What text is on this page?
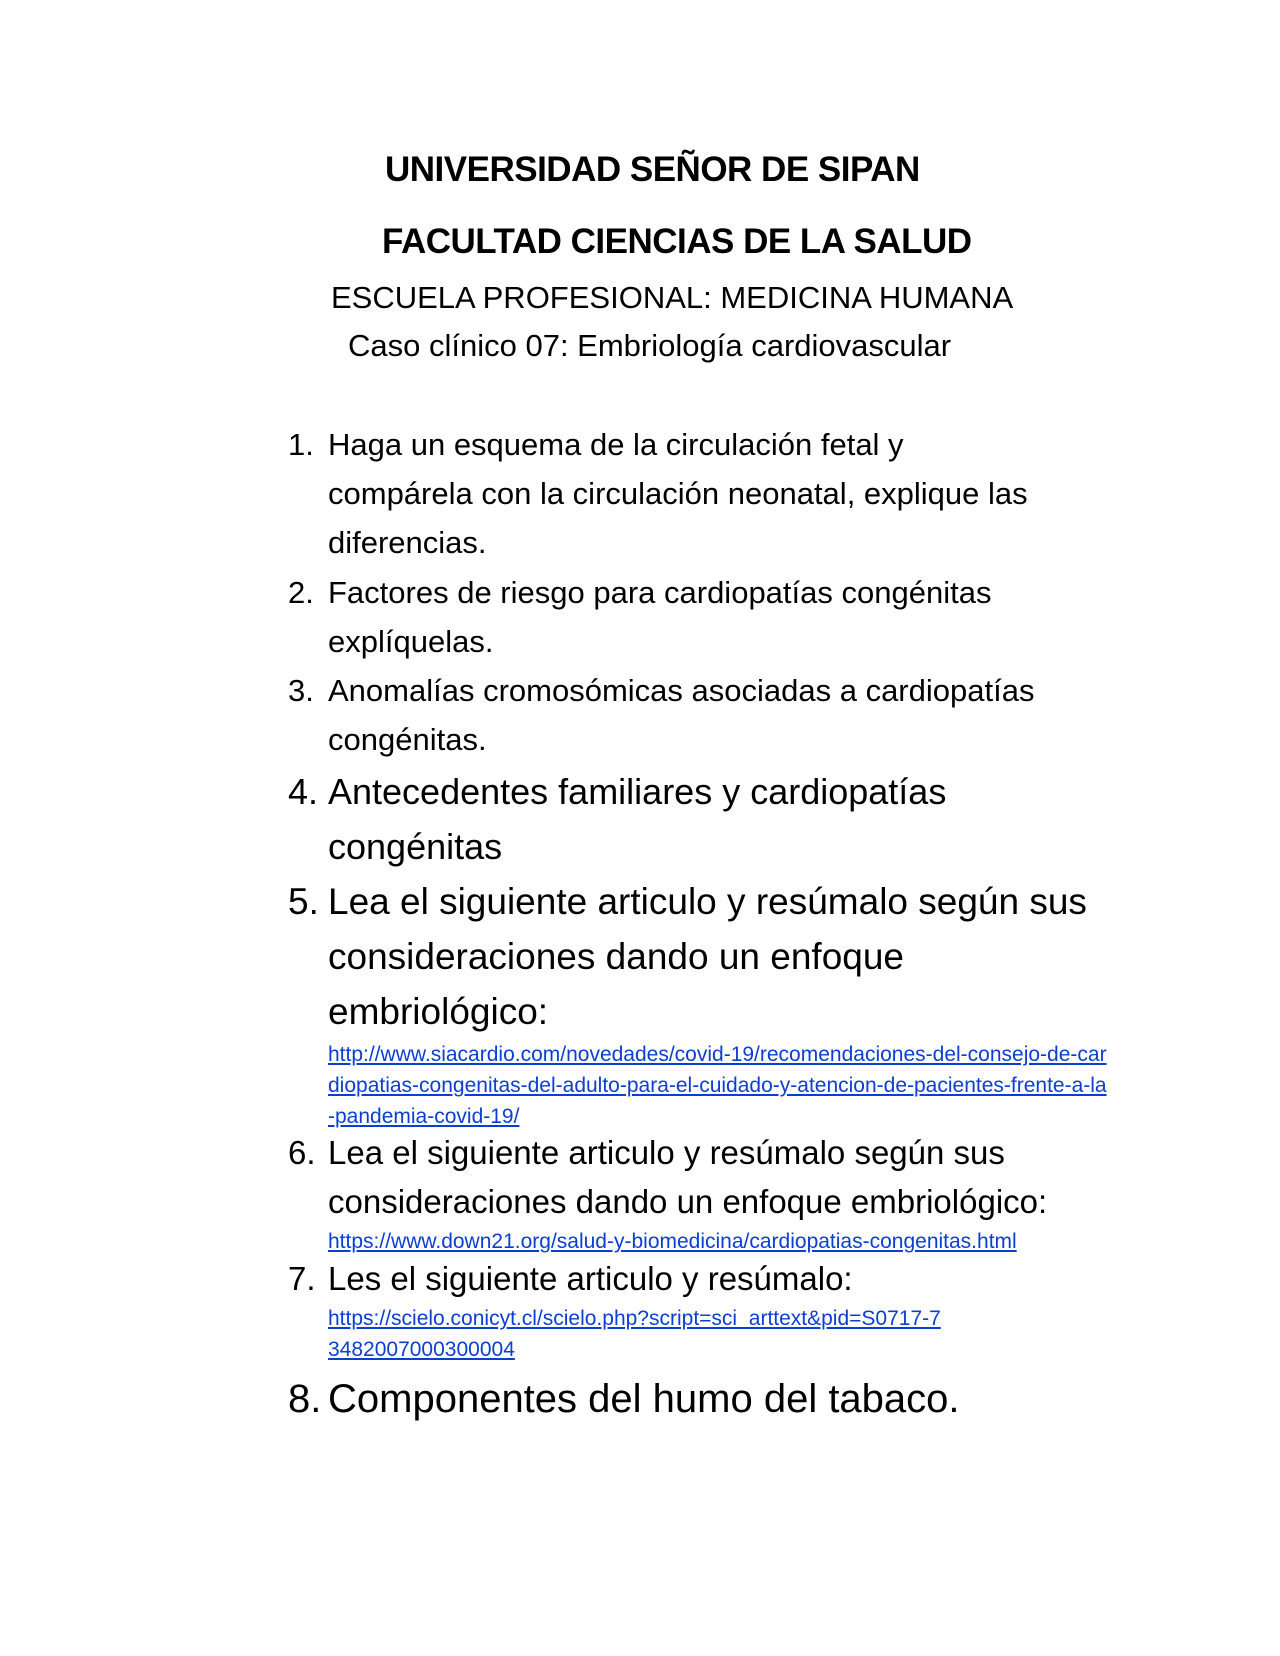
UNIVERSIDAD SEÑOR DE SIPAN
FACULTAD CIENCIAS DE LA SALUD
ESCUELA PROFESIONAL: MEDICINA HUMANA
Caso clínico 07: Embriología cardiovascular
1. Haga un esquema de la circulación fetal y compárela con la circulación neonatal, explique las diferencias.
2. Factores de riesgo para cardiopatías congénitas explíquelas.
3. Anomalías cromosómicas asociadas a cardiopatías congénitas.
4. Antecedentes familiares y cardiopatías congénitas
5. Lea el siguiente articulo y resúmalo según sus consideraciones dando un enfoque embriológico:
http://www.siacardio.com/novedades/covid-19/recomendaciones-del-consejo-de-cardiopatias-congenitas-del-adulto-para-el-cuidado-y-atencion-de-pacientes-frente-a-la-pandemia-covid-19/
6. Lea el siguiente articulo y resúmalo según sus consideraciones dando un enfoque embriológico:
https://www.down21.org/salud-y-biomedicina/cardiopatias-congenitas.html
7. Les el siguiente articulo y resúmalo:
https://scielo.conicyt.cl/scielo.php?script=sci_arttext&pid=S0717-73482007000300004
8. Componentes del humo del tabaco.
